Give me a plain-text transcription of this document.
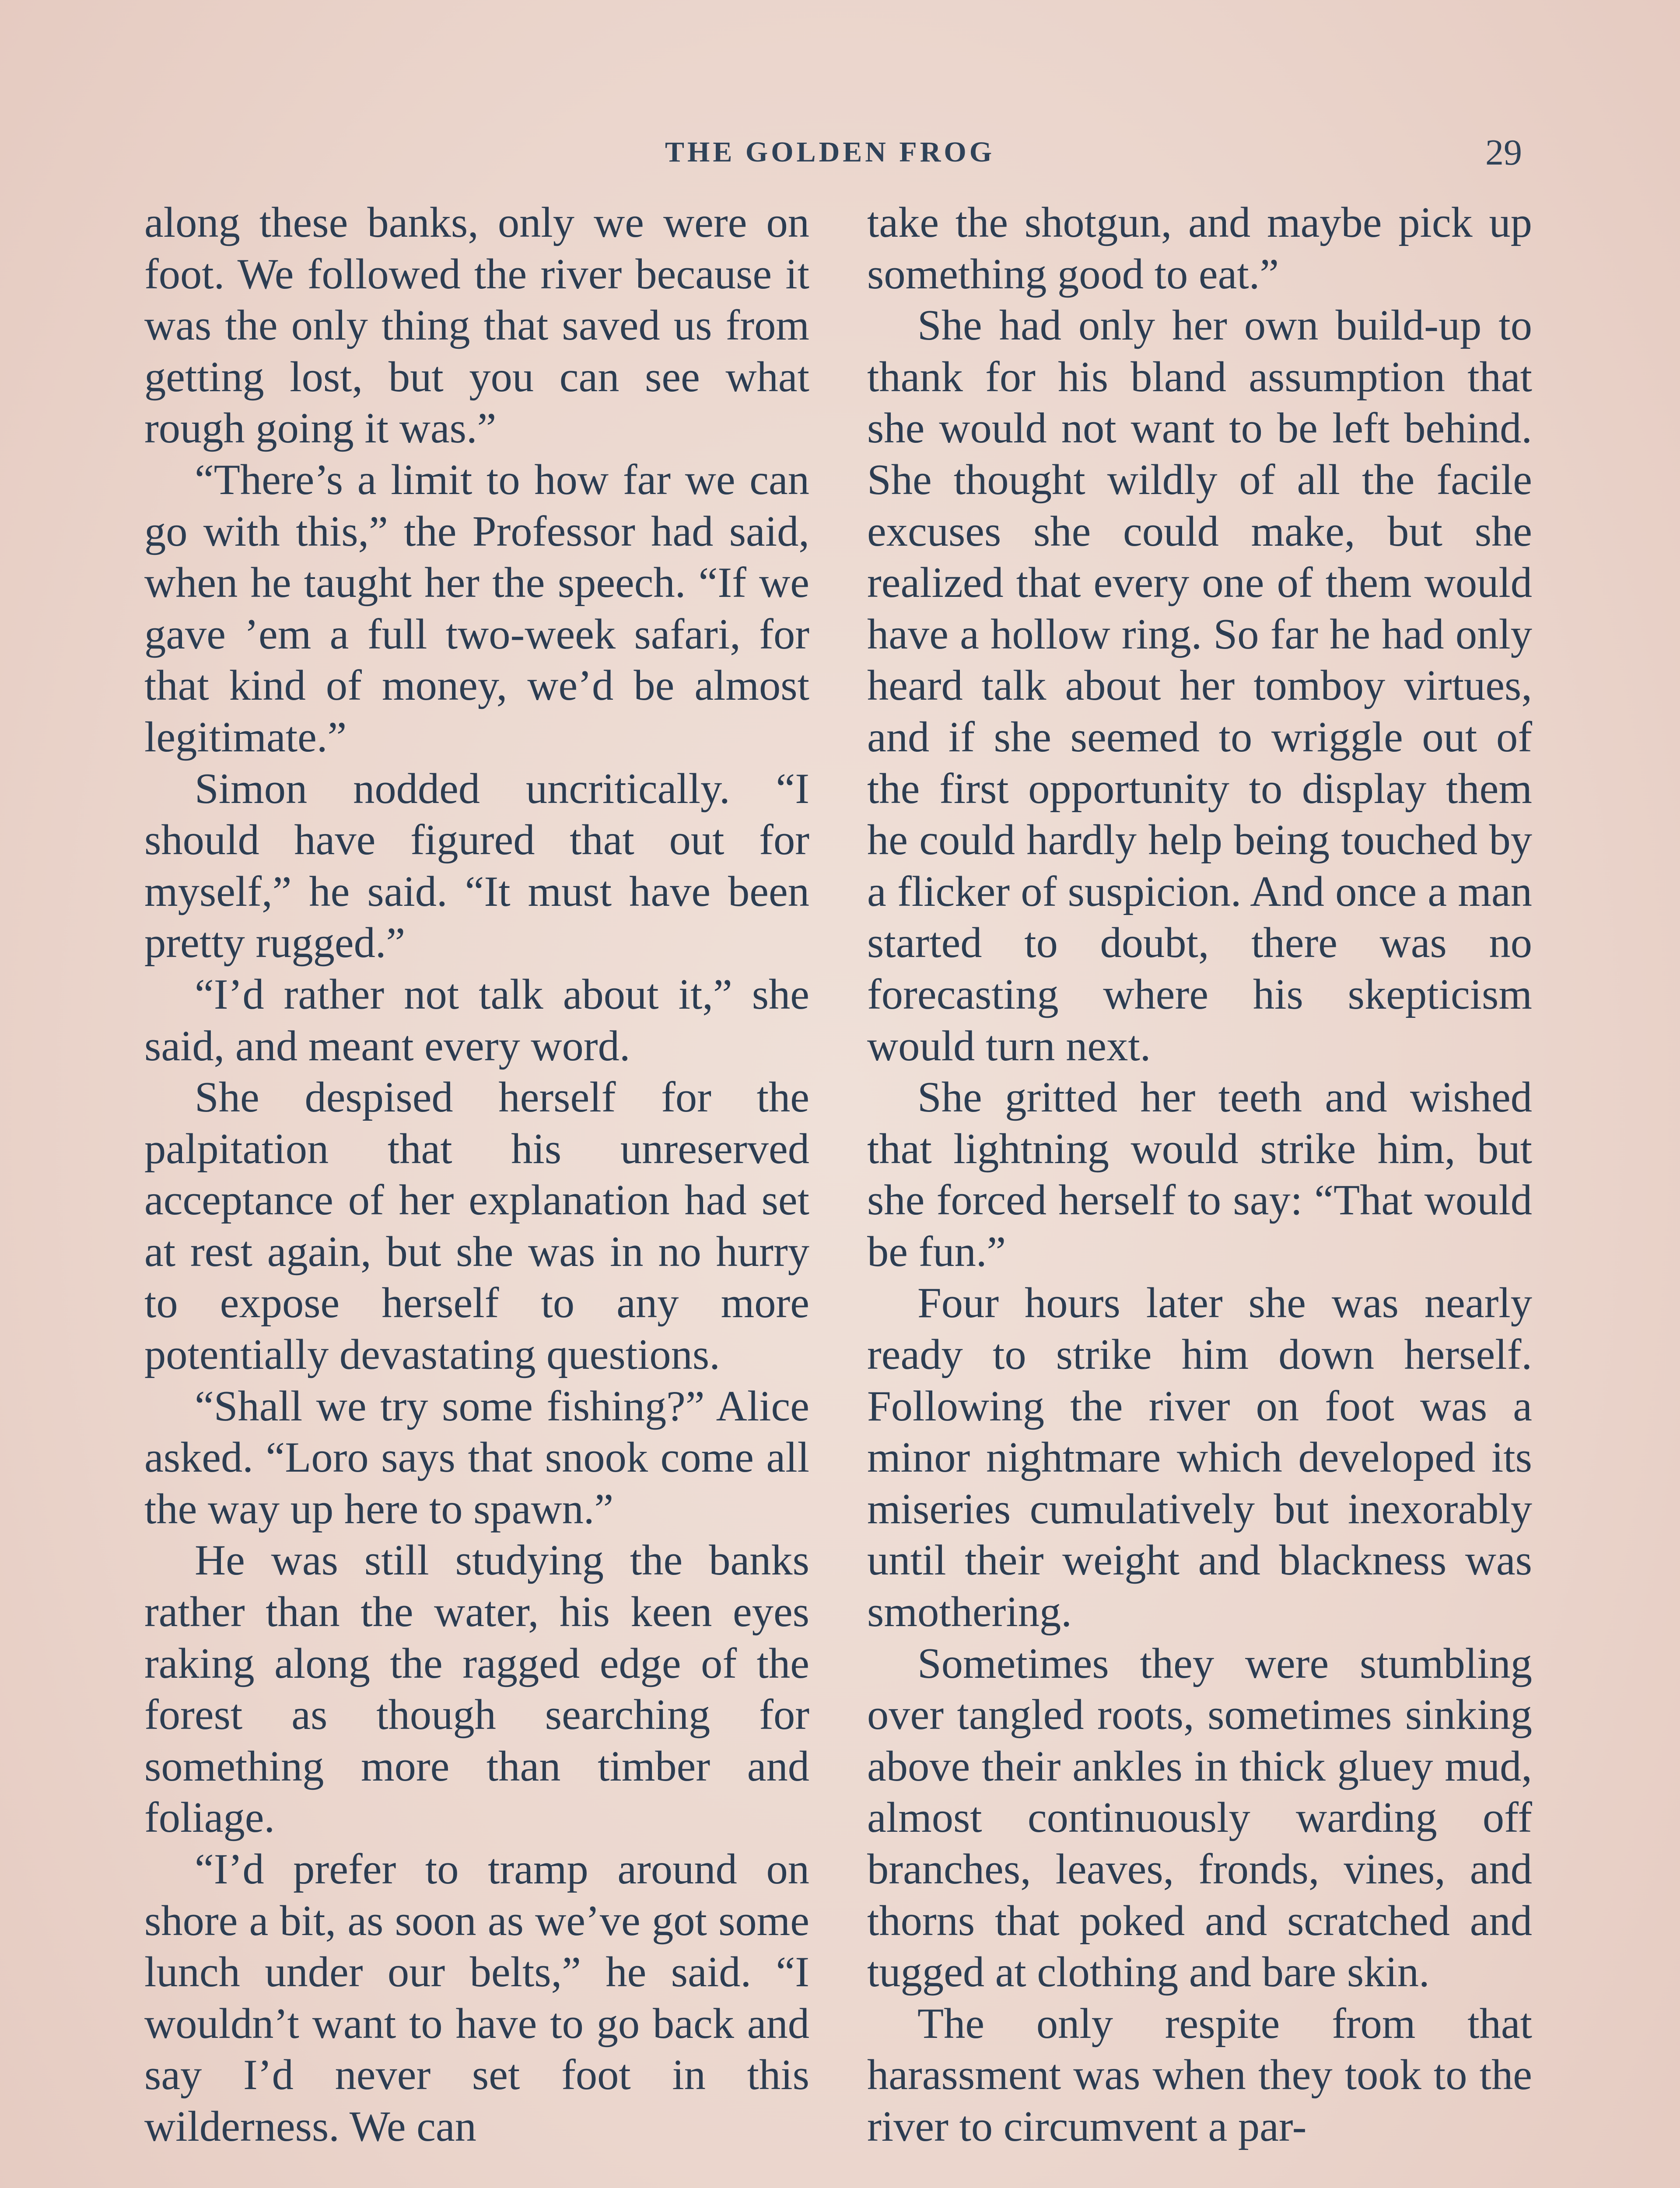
THE GOLDEN FROG	29

along these banks, only we were on foot. We followed the river because it was the only thing that saved us from getting lost, but you can see what rough going it was.”

“There’s a limit to how far we can go with this,” the Professor had said, when he taught her the speech. “If we gave ’em a full two-week safari, for that kind of money, we’d be almost legitimate.”

Simon nodded uncritically. “I should have figured that out for myself,” he said. “It must have been pretty rugged.”

“I’d rather not talk about it,” she said, and meant every word.

She despised herself for the palpitation that his unreserved acceptance of her explanation had set at rest again, but she was in no hurry to expose herself to any more potentially devastating questions.

“Shall we try some fishing?” Alice asked. “Loro says that snook come all the way up here to spawn.”

He was still studying the banks rather than the water, his keen eyes raking along the ragged edge of the forest as though searching for something more than timber and foliage.

“I’d prefer to tramp around on shore a bit, as soon as we’ve got some lunch under our belts,” he said. “I wouldn’t want to have to go back and say I’d never set foot in this wilderness. We can

take the shotgun, and maybe pick up something good to eat.”

She had only her own build-up to thank for his bland assumption that she would not want to be left behind. She thought wildly of all the facile excuses she could make, but she realized that every one of them would have a hollow ring. So far he had only heard talk about her tomboy virtues, and if she seemed to wriggle out of the first opportunity to display them he could hardly help being touched by a flicker of suspicion. And once a man started to doubt, there was no forecasting where his skepticism would turn next.

She gritted her teeth and wished that lightning would strike him, but she forced herself to say: “That would be fun.”

Four hours later she was nearly ready to strike him down herself. Following the river on foot was a minor nightmare which developed its miseries cumulatively but inexorably until their weight and blackness was smothering.

Sometimes they were stumbling over tangled roots, sometimes sinking above their ankles in thick gluey mud, almost continuously warding off branches, leaves, fronds, vines, and thorns that poked and scratched and tugged at clothing and bare skin.

The only respite from that harassment was when they took to the river to circumvent a par-
